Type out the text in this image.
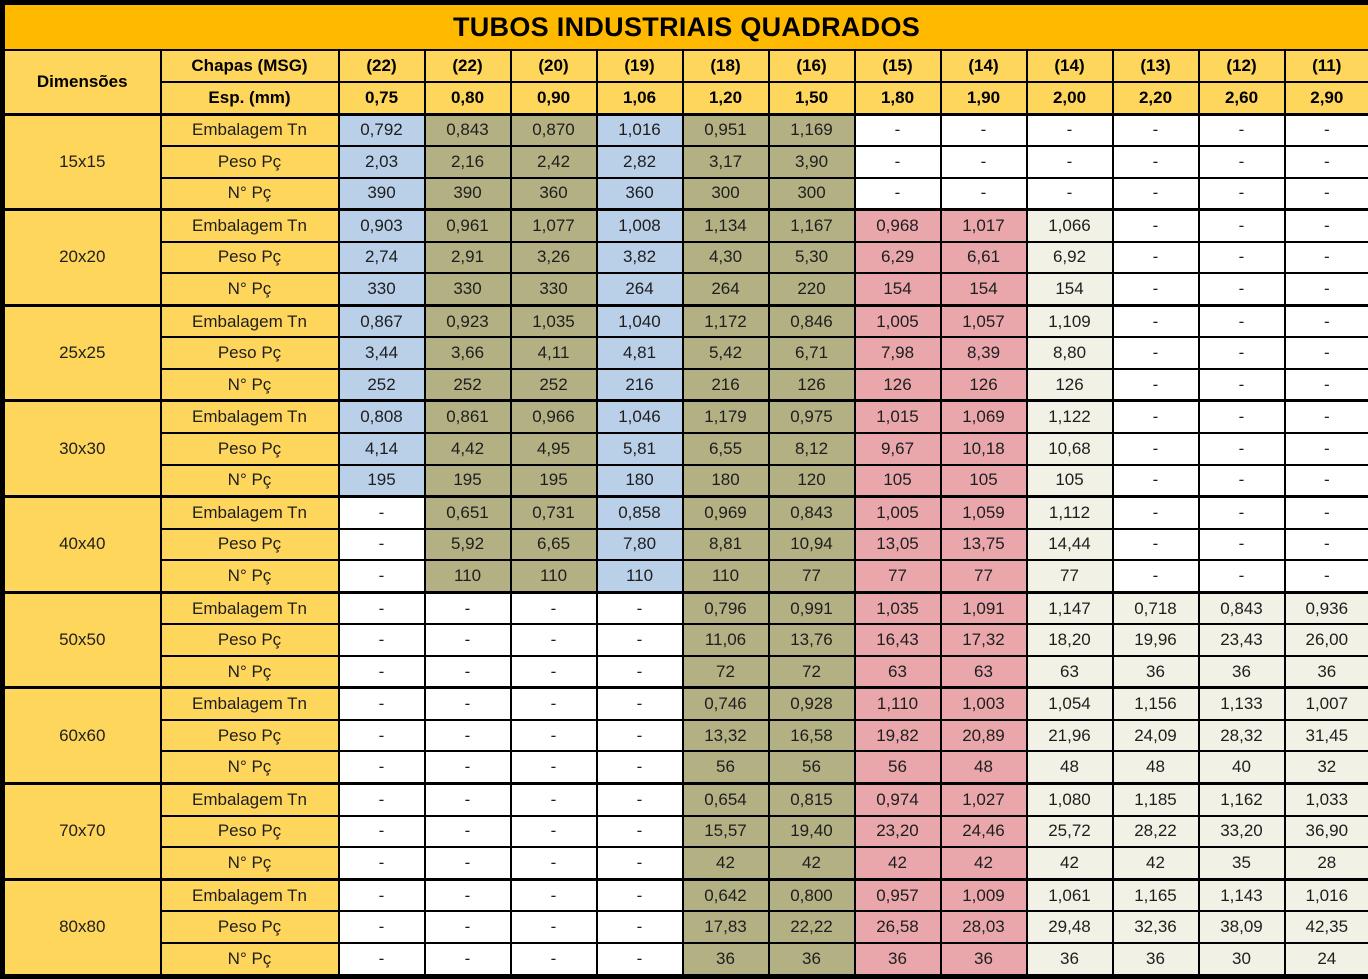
TUBOS INDUSTRIAIS QUADRADOS													
Dimensões	Chapas (MSG)	(22)	(22)	(20)	(19)	(18)	(16)	(15)	(14)	(14)	(13)	(12)	(11)
	Esp. (mm)	0,75	0,80	0,90	1,06	1,20	1,50	1,80	1,90	2,00	2,20	2,60	2,90
15x15	Embalagem Tn	0,792	0,843	0,870	1,016	0,951	1,169	-	-	-	-	-	-
	Peso Pç	2,03	2,16	2,42	2,82	3,17	3,90	-	-	-	-	-	-
	N° Pç	390	390	360	360	300	300	-	-	-	-	-	-
20x20	Embalagem Tn	0,903	0,961	1,077	1,008	1,134	1,167	0,968	1,017	1,066	-	-	-
	Peso Pç	2,74	2,91	3,26	3,82	4,30	5,30	6,29	6,61	6,92	-	-	-
	N° Pç	330	330	330	264	264	220	154	154	154	-	-	-
25x25	Embalagem Tn	0,867	0,923	1,035	1,040	1,172	0,846	1,005	1,057	1,109	-	-	-
	Peso Pç	3,44	3,66	4,11	4,81	5,42	6,71	7,98	8,39	8,80	-	-	-
	N° Pç	252	252	252	216	216	126	126	126	126	-	-	-
30x30	Embalagem Tn	0,808	0,861	0,966	1,046	1,179	0,975	1,015	1,069	1,122	-	-	-
	Peso Pç	4,14	4,42	4,95	5,81	6,55	8,12	9,67	10,18	10,68	-	-	-
	N° Pç	195	195	195	180	180	120	105	105	105	-	-	-
40x40	Embalagem Tn	-	0,651	0,731	0,858	0,969	0,843	1,005	1,059	1,112	-	-	-
	Peso Pç	-	5,92	6,65	7,80	8,81	10,94	13,05	13,75	14,44	-	-	-
	N° Pç	-	110	110	110	110	77	77	77	77	-	-	-
50x50	Embalagem Tn	-	-	-	-	0,796	0,991	1,035	1,091	1,147	0,718	0,843	0,936
	Peso Pç	-	-	-	-	11,06	13,76	16,43	17,32	18,20	19,96	23,43	26,00
	N° Pç	-	-	-	-	72	72	63	63	63	36	36	36
60x60	Embalagem Tn	-	-	-	-	0,746	0,928	1,110	1,003	1,054	1,156	1,133	1,007
	Peso Pç	-	-	-	-	13,32	16,58	19,82	20,89	21,96	24,09	28,32	31,45
	N° Pç	-	-	-	-	56	56	56	48	48	48	40	32
70x70	Embalagem Tn	-	-	-	-	0,654	0,815	0,974	1,027	1,080	1,185	1,162	1,033
	Peso Pç	-	-	-	-	15,57	19,40	23,20	24,46	25,72	28,22	33,20	36,90
	N° Pç	-	-	-	-	42	42	42	42	42	42	35	28
80x80	Embalagem Tn	-	-	-	-	0,642	0,800	0,957	1,009	1,061	1,165	1,143	1,016
	Peso Pç	-	-	-	-	17,83	22,22	26,58	28,03	29,48	32,36	38,09	42,35
	N° Pç	-	-	-	-	36	36	36	36	36	36	30	24
